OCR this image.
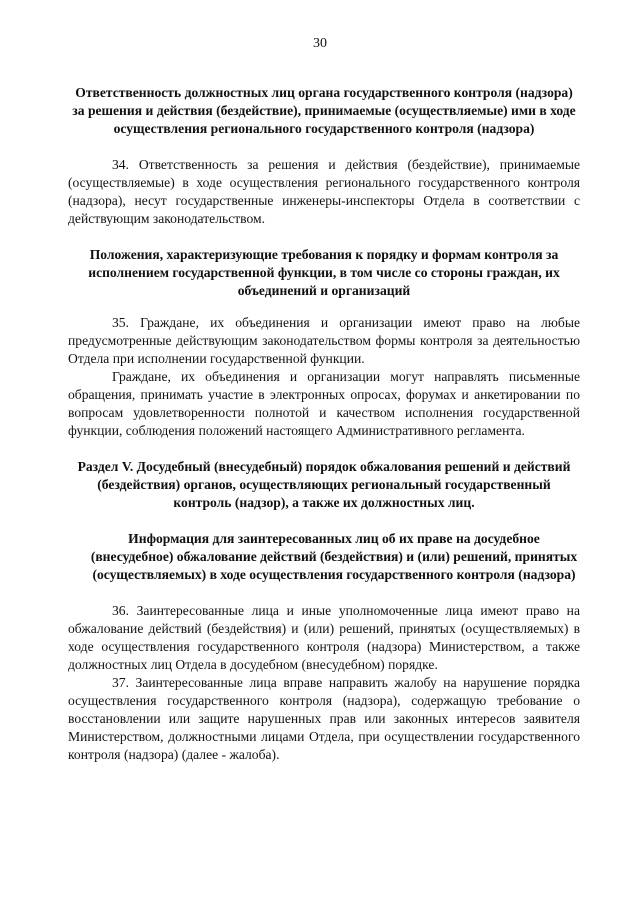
30

Ответственность должностных лиц органа государственного контроля (надзора) за решения и действия (бездействие), принимаемые (осуществляемые) ими в ходе осуществления регионального государственного контроля (надзора)

34. Ответственность за решения и действия (бездействие), принимаемые (осуществляемые) в ходе осуществления регионального государственного контроля (надзора), несут государственные инженеры-инспекторы Отдела в соответствии с действующим законодательством.

Положения, характеризующие требования к порядку и формам контроля за исполнением государственной функции, в том числе со стороны граждан, их объединений и организаций

35. Граждане, их объединения и организации имеют право на любые предусмотренные действующим законодательством формы контроля за деятельностью Отдела при исполнении государственной функции.

Граждане, их объединения и организации могут направлять письменные обращения, принимать участие в электронных опросах, форумах и анкетировании по вопросам удовлетворенности полнотой и качеством исполнения государственной функции, соблюдения положений настоящего Административного регламента.

Раздел V. Досудебный (внесудебный) порядок обжалования решений и действий (бездействия) органов, осуществляющих региональный государственный контроль (надзор), а также их должностных лиц.

Информация для заинтересованных лиц об их праве на досудебное (внесудебное) обжалование действий (бездействия) и (или) решений, принятых (осуществляемых) в ходе осуществления государственного контроля (надзора)

36. Заинтересованные лица и иные уполномоченные лица имеют право на обжалование действий (бездействия) и (или) решений, принятых (осуществляемых) в ходе осуществления государственного контроля (надзора) Министерством, а также должностных лиц Отдела в досудебном (внесудебном) порядке.

37. Заинтересованные лица вправе направить жалобу на нарушение порядка осуществления государственного контроля (надзора), содержащую требование о восстановлении или защите нарушенных прав или законных интересов заявителя Министерством, должностными лицами Отдела, при осуществлении государственного контроля (надзора) (далее - жалоба).
